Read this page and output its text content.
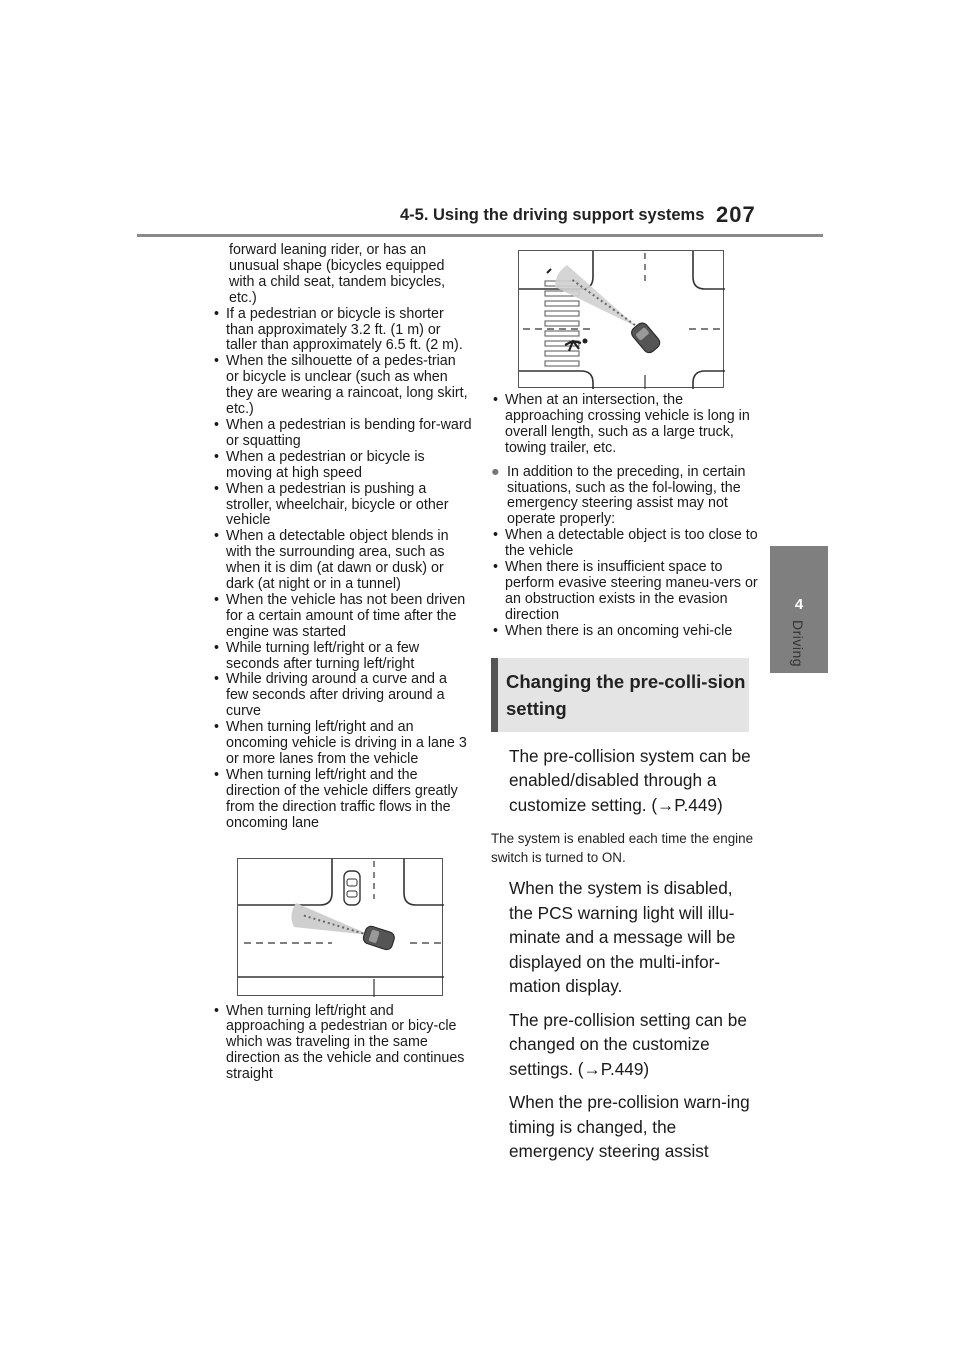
4-5. Using the driving support systems 207
4
Driving
forward leaning rider, or has an unusual shape (bicycles equipped with a child seat, tandem bicycles, etc.)
• If a pedestrian or bicycle is shorter than approximately 3.2 ft. (1 m) or taller than approximately 6.5 ft. (2 m).
• When the silhouette of a pedes-trian or bicycle is unclear (such as when they are wearing a raincoat, long skirt, etc.)
• When a pedestrian is bending for-ward or squatting
• When a pedestrian or bicycle is moving at high speed
• When a pedestrian is pushing a stroller, wheelchair, bicycle or other vehicle
• When a detectable object blends in with the surrounding area, such as when it is dim (at dawn or dusk) or dark (at night or in a tunnel)
• When the vehicle has not been driven for a certain amount of time after the engine was started
• While turning left/right or a few seconds after turning left/right
• While driving around a curve and a few seconds after driving around a curve
• When turning left/right and an oncoming vehicle is driving in a lane 3 or more lanes from the vehicle
• When turning left/right and the direction of the vehicle differs greatly from the direction traffic flows in the oncoming lane
• When turning left/right and approaching a pedestrian or bicy-cle which was traveling in the same direction as the vehicle and continues straight
• When at an intersection, the approaching crossing vehicle is long in overall length, such as a large truck, towing trailer, etc.
● In addition to the preceding, in certain situations, such as the fol-lowing, the emergency steering assist may not operate properly:
• When a detectable object is too close to the vehicle
• When there is insufficient space to perform evasive steering maneu-vers or an obstruction exists in the evasion direction
• When there is an oncoming vehi-cle
Changing the pre-colli-sion setting
The pre-collision system can be enabled/disabled through a customize setting. (→P.449)
The system is enabled each time the engine switch is turned to ON.
When the system is disabled, the PCS warning light will illu-minate and a message will be displayed on the multi-infor-mation display.
The pre-collision setting can be changed on the customize settings. (→P.449)
When the pre-collision warn-ing timing is changed, the emergency steering assist
